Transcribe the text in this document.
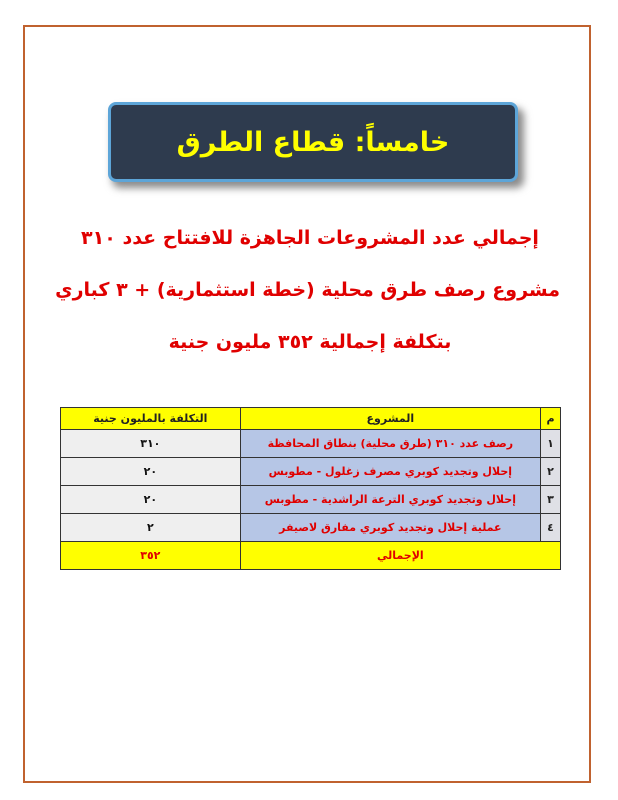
خامساً: قطاع الطرق
إجمالي عدد المشروعات الجاهزة للافتتاح عدد ٣١٠
مشروع رصف طرق محلية (خطة استثمارية) + ٣ كباري
بتكلفة إجمالية ٣٥٢ مليون جنية
م	المشروع	التكلفة بالمليون جنية
١	رصف عدد ٣١٠ (طرق محلية) بنطاق المحافظة	٣١٠
٢	إحلال وتجديد كوبري مصرف زغلول - مطوبس	٢٠
٣	إحلال وتجديد كوبري الترعة الراشدية - مطوبس	٢٠
٤	عملية إحلال وتجديد كوبري مفارق لاصيفر	٢
الإجمالي		٣٥٢
